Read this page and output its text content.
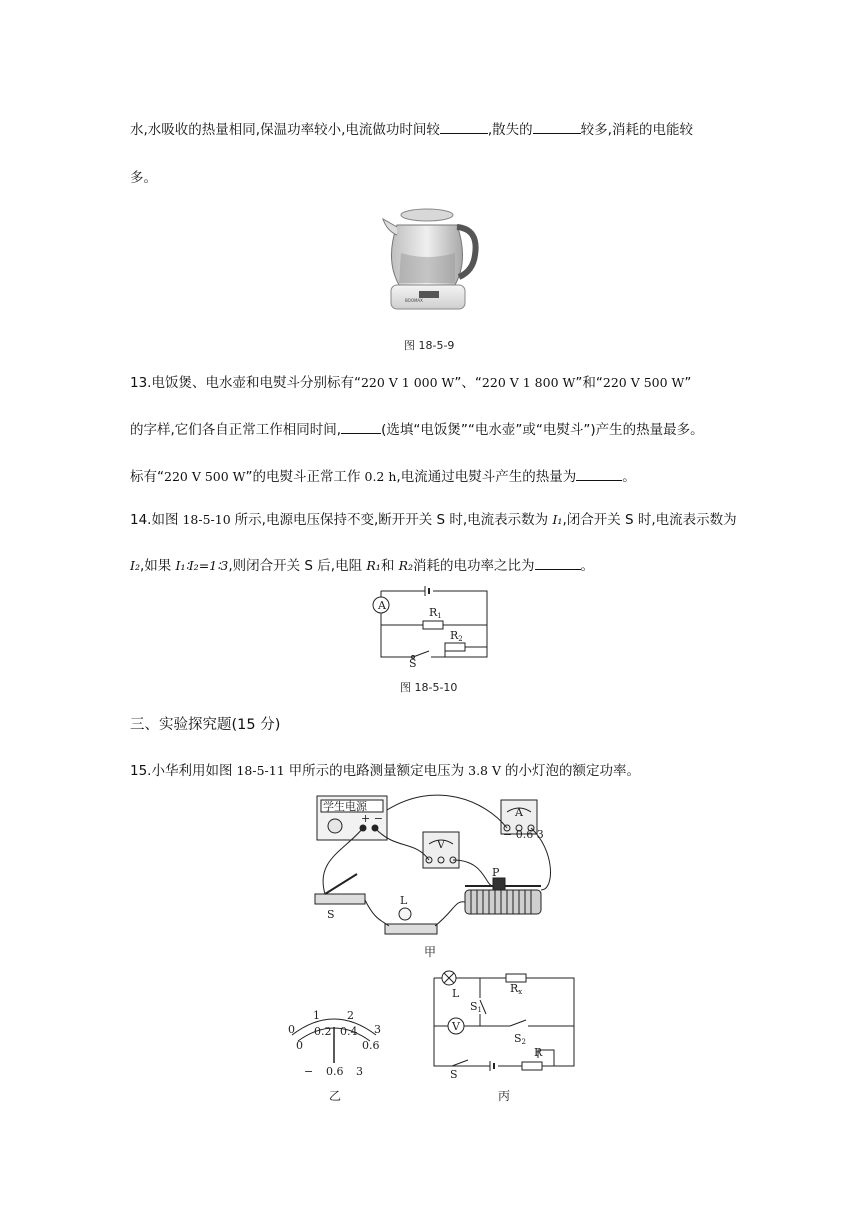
水,水吸收的热量相同,保温功率较小,电流做功时间较	,散失的	较多,消耗的电能较
多。
BOOMAX
图 18-5-9
13.电饭煲、电水壶和电熨斗分别标有“220 V 1 000 W”、“220 V 1 800 W”和“220 V 500 W”
的字样,它们各自正常工作相同时间,	(选填“电饭煲”“电水壶”或“电熨斗”)产生的热量最多。
标有“220 V 500 W”的电熨斗正常工作 0.2 h,电流通过电熨斗产生的热量为	。
14.如图 18-5-10 所示,电源电压保持不变,断开开关 S 时,电流表示数为 I₁,闭合开关 S 时,电流表示数为
I₂,如果 I₁∶I₂=1∶3,则闭合开关 S 后,电阻 R₁和 R₂消耗的电功率之比为	。
A
R1
R2
S
图 18-5-10
三、实验探究题(15 分)
15.小华利用如图 18-5-11 甲所示的电路测量额定电压为 3.8 V 的小灯泡的额定功率。
学生电源
+ −
V
A
− 0.6 3
S
L
P
甲
0
1 2
3
0
0.2 0.4
0.6
− 0.6 3
乙
L	Rx
S1
V
S2
R
S
丙
